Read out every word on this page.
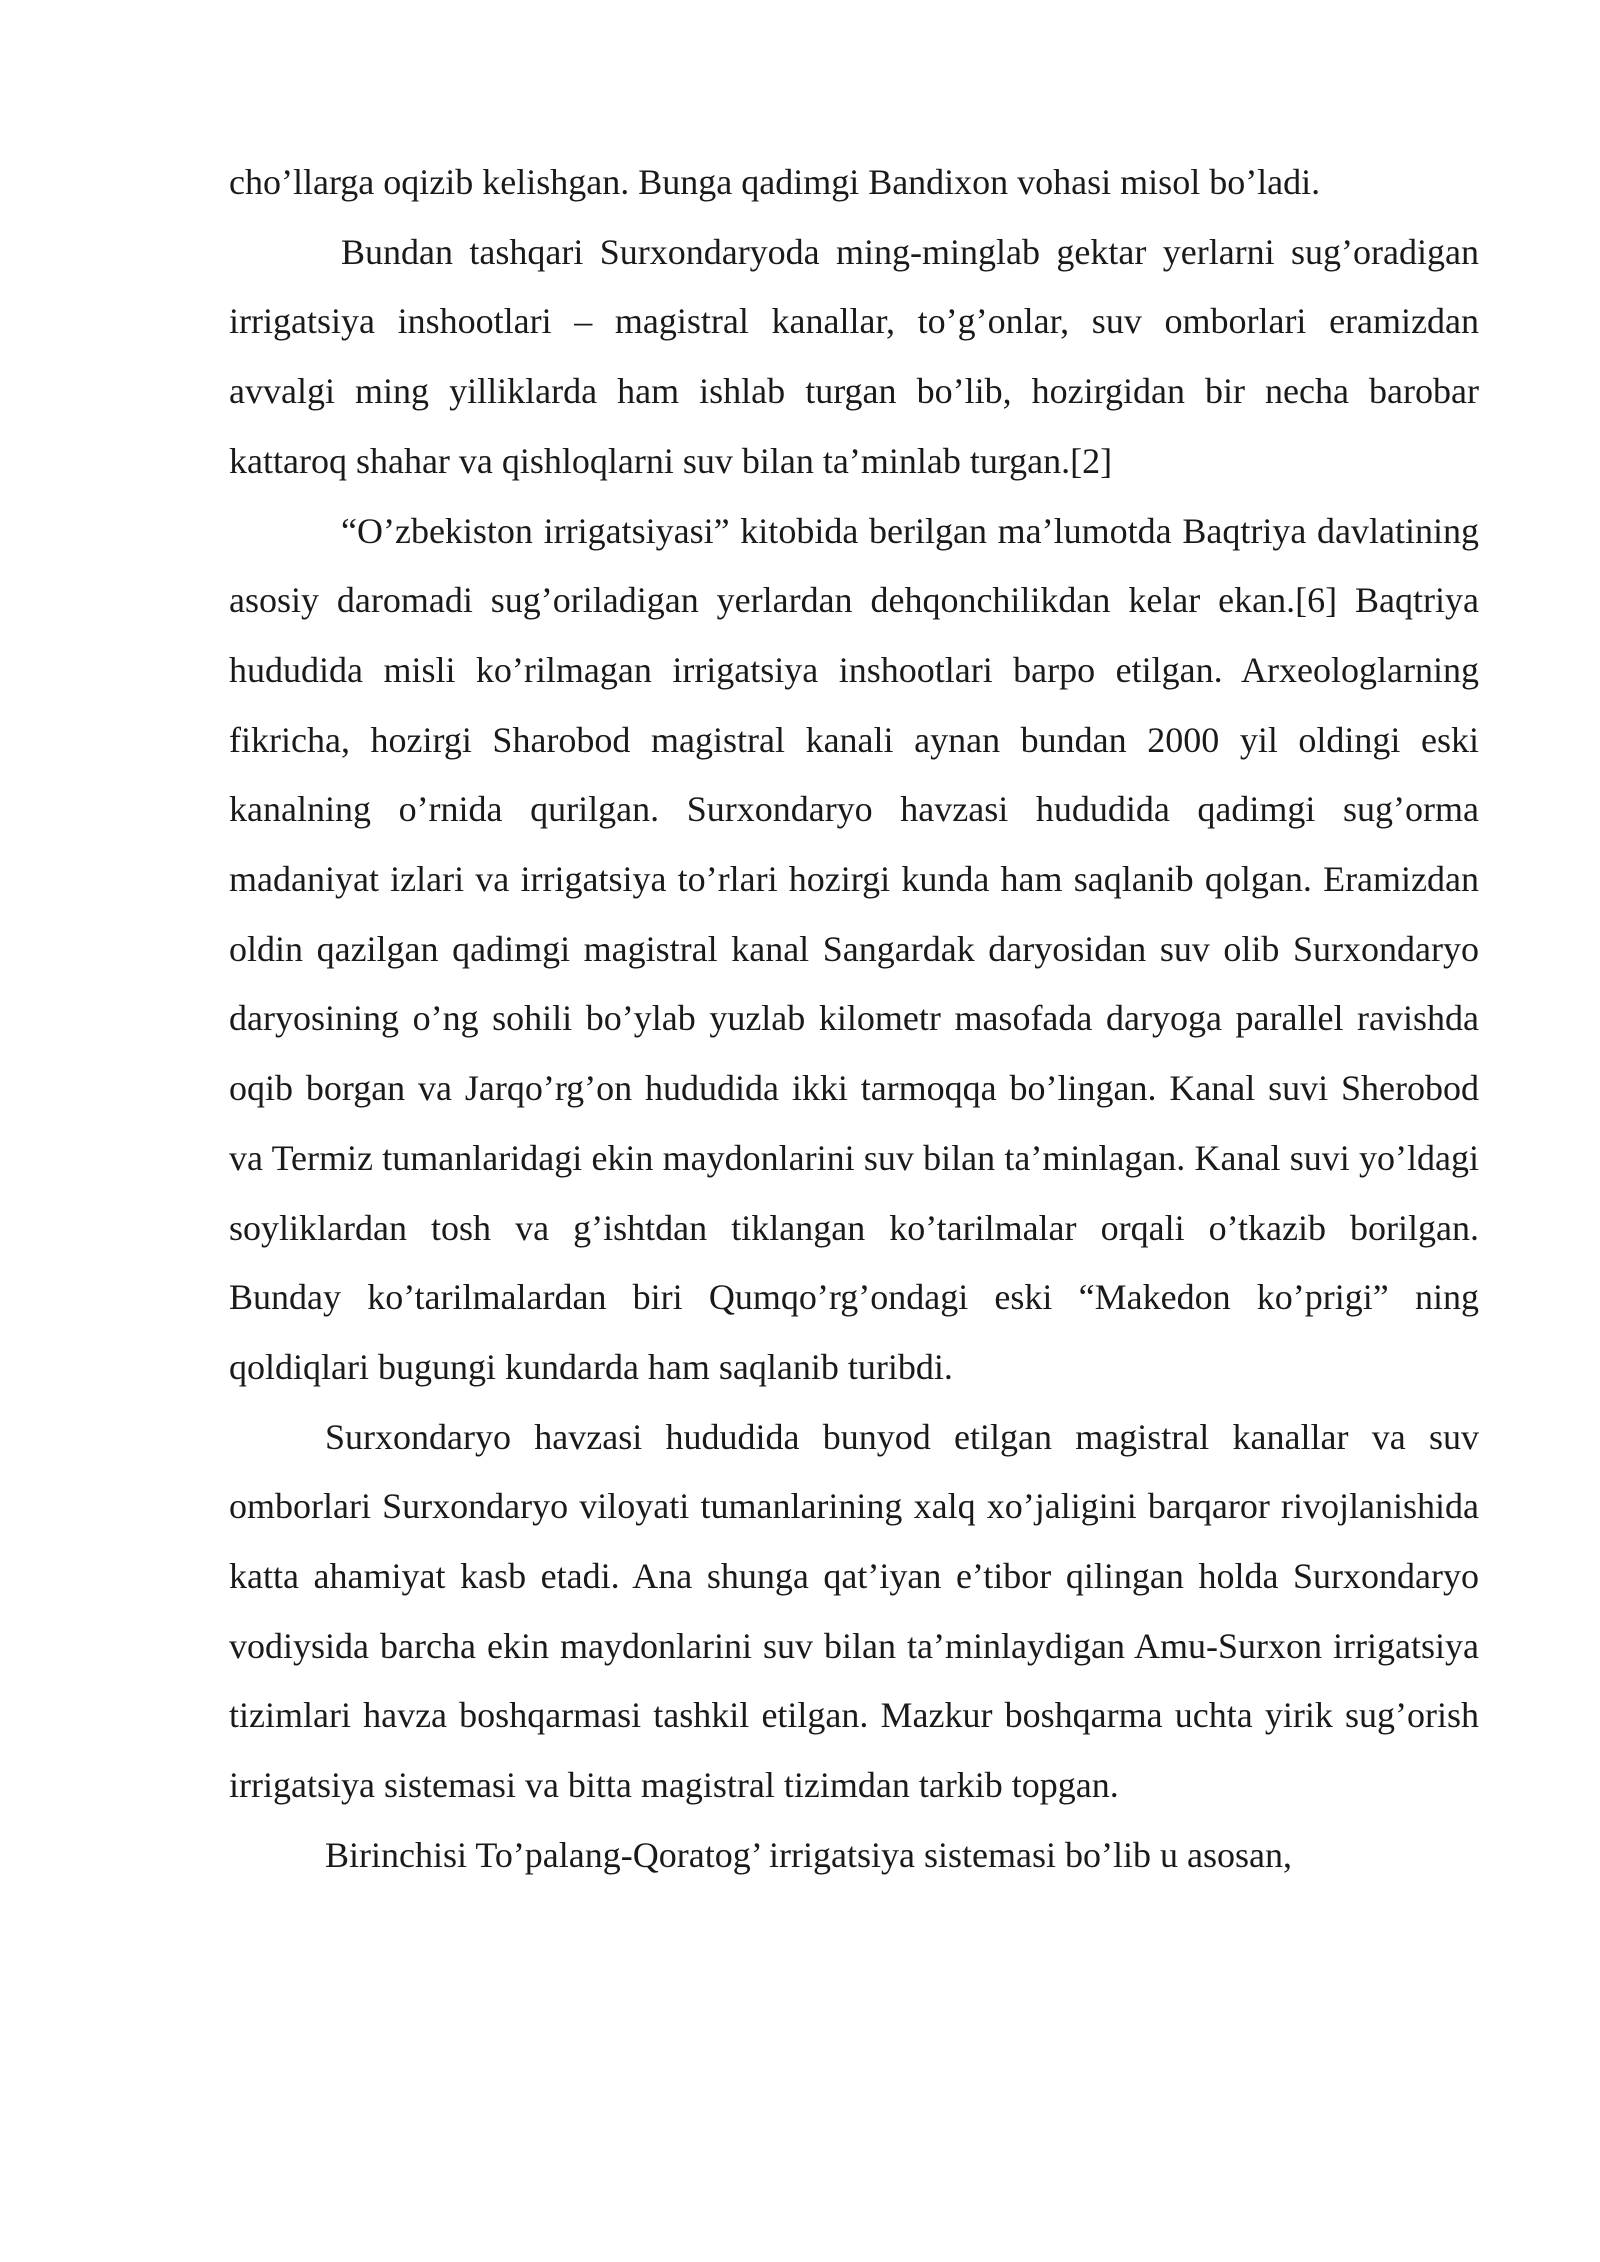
cho’llarga oqizib kelishgan. Bunga qadimgi Bandixon vohasi misol bo’ladi.

Bundan tashqari Surxondaryoda ming-minglab gektar yerlarni sug’oradigan irrigatsiya inshootlari – magistral kanallar, to’g’onlar, suv omborlari eramizdan avvalgi ming yilliklarda ham ishlab turgan bo’lib, hozirgidan bir necha barobar kattaroq shahar va qishloqlarni suv bilan ta’minlab turgan.[2]

“O’zbekiston irrigatsiyasi” kitobida berilgan ma’lumotda Baqtriya davlatining asosiy daromadi sug’oriladigan yerlardan dehqonchilikdan kelar ekan.[6] Baqtriya hududida misli ko’rilmagan irrigatsiya inshootlari barpo etilgan. Arxeologlarning fikricha, hozirgi Sharobod magistral kanali aynan bundan 2000 yil oldingi eski kanalning o’rnida qurilgan. Surxondaryo havzasi hududida qadimgi sug’orma madaniyat izlari va irrigatsiya to’rlari hozirgi kunda ham saqlanib qolgan. Eramizdan oldin qazilgan qadimgi magistral kanal Sangardak daryosidan suv olib Surxondaryo daryosining o’ng sohili bo’ylab yuzlab kilometr masofada daryoga parallel ravishda oqib borgan va Jarqo’rg’on hududida ikki tarmoqqa bo’lingan. Kanal suvi Sherobod va Termiz tumanlaridagi ekin maydonlarini suv bilan ta’minlagan. Kanal suvi yo’ldagi soyliklardan tosh va g’ishtdan tiklangan ko’tarilmalar orqali o’tkazib borilgan. Bunday ko’tarilmalardan biri Qumqo’rg’ondagi eski “Makedon ko’prigi” ning qoldiqlari bugungi kundarda ham saqlanib turibdi.

Surxondaryo havzasi hududida bunyod etilgan magistral kanallar va suv omborlari Surxondaryo viloyati tumanlarining xalq xo’jaligini barqaror rivojlanishida katta ahamiyat kasb etadi. Ana shunga qat’iyan e’tibor qilingan holda Surxondaryo vodiysida barcha ekin maydonlarini suv bilan ta’minlaydigan Amu-Surxon irrigatsiya tizimlari havza boshqarmasi tashkil etilgan. Mazkur boshqarma uchta yirik sug’orish irrigatsiya sistemasi va bitta magistral tizimdan tarkib topgan.

Birinchisi To’palang-Qoratog’ irrigatsiya sistemasi bo’lib u asosan,
